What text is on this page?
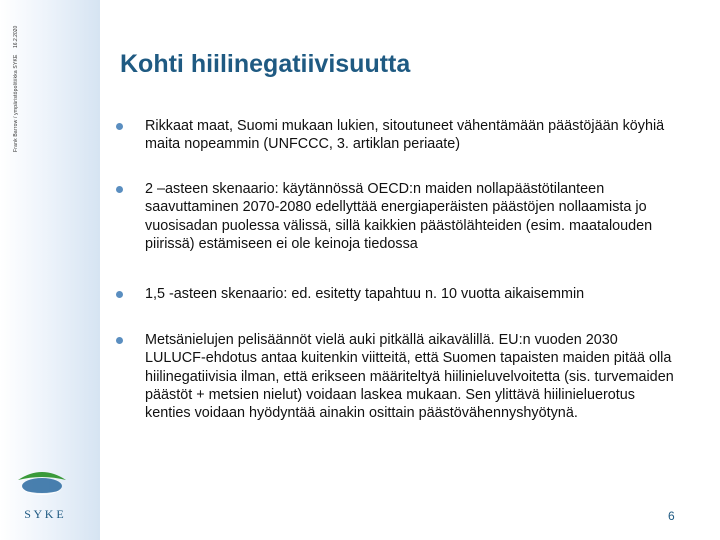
16.2.2020
Frank Barrow / ympäristöpolitiikka SYKE	Kohti hiilinegatiivisuutta
Rikkaat maat, Suomi mukaan lukien, sitoutuneet vähentämään päästöjään köyhiä maita nopeammin (UNFCCC, 3. artiklan periaate)
2 –asteen skenaario: käytännössä OECD:n maiden nollapäästötilanteen saavuttaminen 2070-2080 edellyttää energiaperäisten päästöjen nollaamista jo vuosisadan puolessa välissä, sillä kaikkien päästölähteiden (esim. maatalouden piirissä) estämiseen ei ole keinoja tiedossa
1,5 -asteen skenaario: ed. esitetty tapahtuu n. 10 vuotta aikaisemmin
Metsänielujen pelisäännöt vielä auki pitkällä aikavälillä. EU:n vuoden 2030 LULUCF-ehdotus antaa kuitenkin viitteitä, että Suomen tapaisten maiden pitää olla hiilinegatiivisia ilman, että erikseen määriteltyä hiilinieluvelvoitetta (sis. turvemaiden päästöt + metsien nielut) voidaan laskea mukaan. Sen ylittävä hiilinieluerotus kenties voidaan hyödyntää ainakin osittain päästövähennyshyötynä.
S Y K E	6
